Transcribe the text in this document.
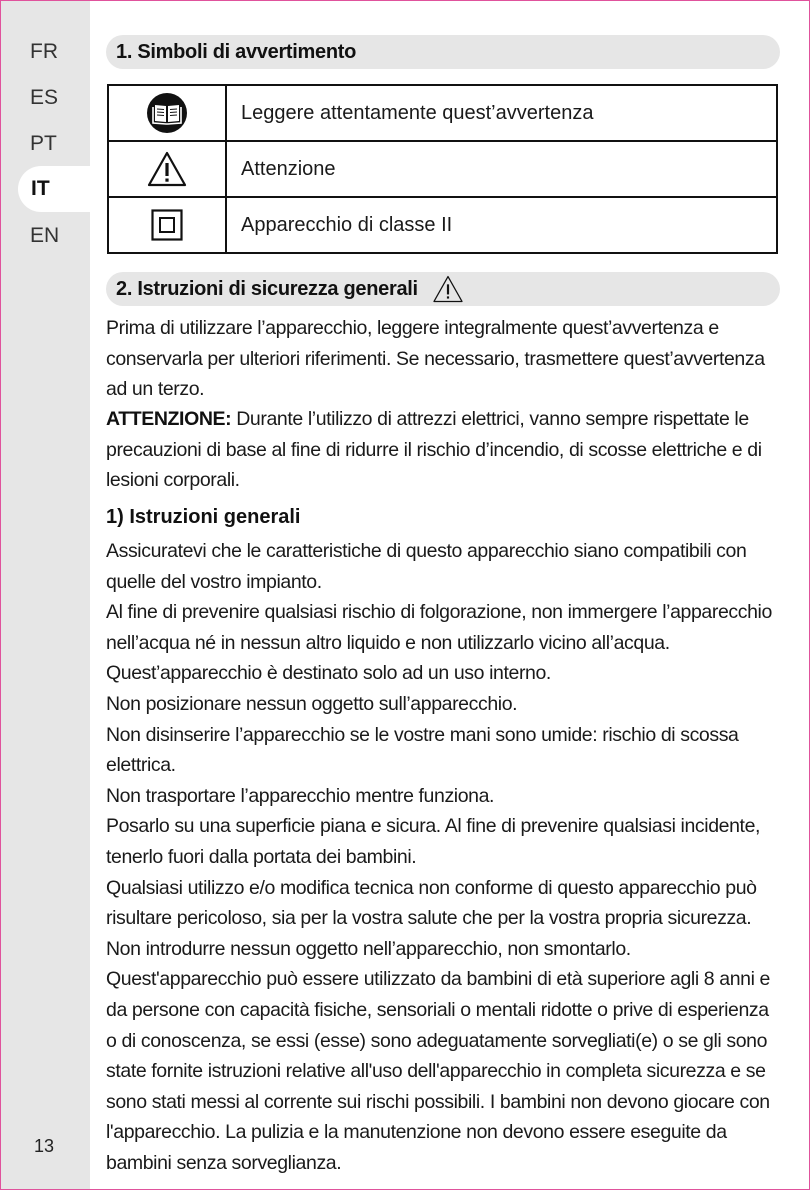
FR
ES
PT
IT
EN
13
1. Simboli di avvertimento
	Leggere attentamente quest’avvertenza
	Attenzione
	Apparecchio di classe II
2. Istruzioni di sicurezza generali

Prima di utilizzare l’apparecchio, leggere integralmente quest’avvertenza e conservarla per ulteriori riferimenti. Se necessario, trasmettere quest’avvertenza ad un terzo.

ATTENZIONE: Durante l’utilizzo di attrezzi elettrici, vanno sempre rispettate le precauzioni di base al fine di ridurre il rischio d’incendio, di scosse elettriche e di lesioni corporali.

1) Istruzioni generali

Assicuratevi che le caratteristiche di questo apparecchio siano compatibili con quelle del vostro impianto.

Al fine di prevenire qualsiasi rischio di folgorazione, non immergere l’apparecchio nell’acqua né in nessun altro liquido e non utilizzarlo vicino all’acqua.

Quest’apparecchio è destinato solo ad un uso interno.

Non posizionare nessun oggetto sull’apparecchio.

Non disinserire l’apparecchio se le vostre mani sono umide: rischio di scossa elettrica.

Non trasportare l’apparecchio mentre funziona.

Posarlo su una superficie piana e sicura. Al fine di prevenire qualsiasi incidente, tenerlo fuori dalla portata dei bambini.

Qualsiasi utilizzo e/o modifica tecnica non conforme di questo apparecchio può risultare pericoloso, sia per la vostra salute che per la vostra propria sicurezza.

Non introdurre nessun oggetto nell’apparecchio, non smontarlo.

Quest'apparecchio può essere utilizzato da bambini di età superiore agli 8 anni e da persone con capacità fisiche, sensoriali o mentali ridotte o prive di esperienza o di conoscenza, se essi (esse) sono adeguatamente sorvegliati(e) o se gli sono state fornite istruzioni relative all'uso dell'apparecchio in completa sicurezza e se sono stati messi al corrente sui rischi possibili. I bambini non devono giocare con l'apparecchio. La pulizia e la manutenzione non devono essere eseguite da bambini senza sorveglianza.
